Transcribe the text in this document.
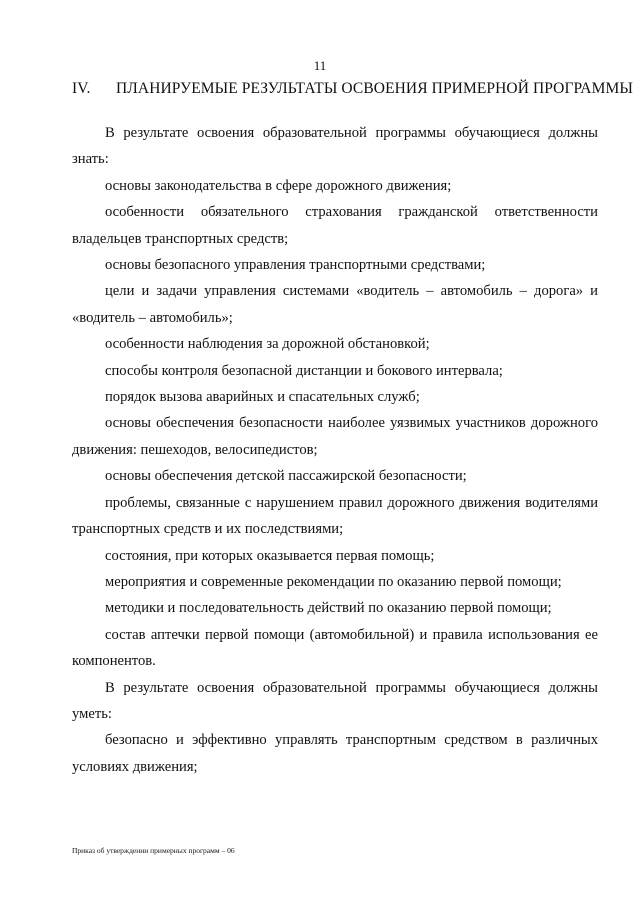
11
IV. ПЛАНИРУЕМЫЕ РЕЗУЛЬТАТЫ ОСВОЕНИЯ ПРИМЕРНОЙ ПРОГРАММЫ

В результате освоения образовательной программы обучающиеся должны знать:

основы законодательства в сфере дорожного движения;

особенности обязательного страхования гражданской ответственности владельцев транспортных средств;

основы безопасного управления транспортными средствами;

цели и задачи управления системами «водитель – автомобиль – дорога» и «водитель – автомобиль»;

особенности наблюдения за дорожной обстановкой;

способы контроля безопасной дистанции и бокового интервала;

порядок вызова аварийных и спасательных служб;

основы обеспечения безопасности наиболее уязвимых участников дорожного движения: пешеходов, велосипедистов;

основы обеспечения детской пассажирской безопасности;

проблемы, связанные с нарушением правил дорожного движения водителями транспортных средств и их последствиями;

состояния, при которых оказывается первая помощь;

мероприятия и современные рекомендации по оказанию первой помощи;

методики и последовательность действий по оказанию первой помощи;

состав аптечки первой помощи (автомобильной) и правила использования ее компонентов.

В результате освоения образовательной программы обучающиеся должны уметь:

безопасно и эффективно управлять транспортным средством в различных условиях движения;

Приказ об утверждении примерных программ – 06
